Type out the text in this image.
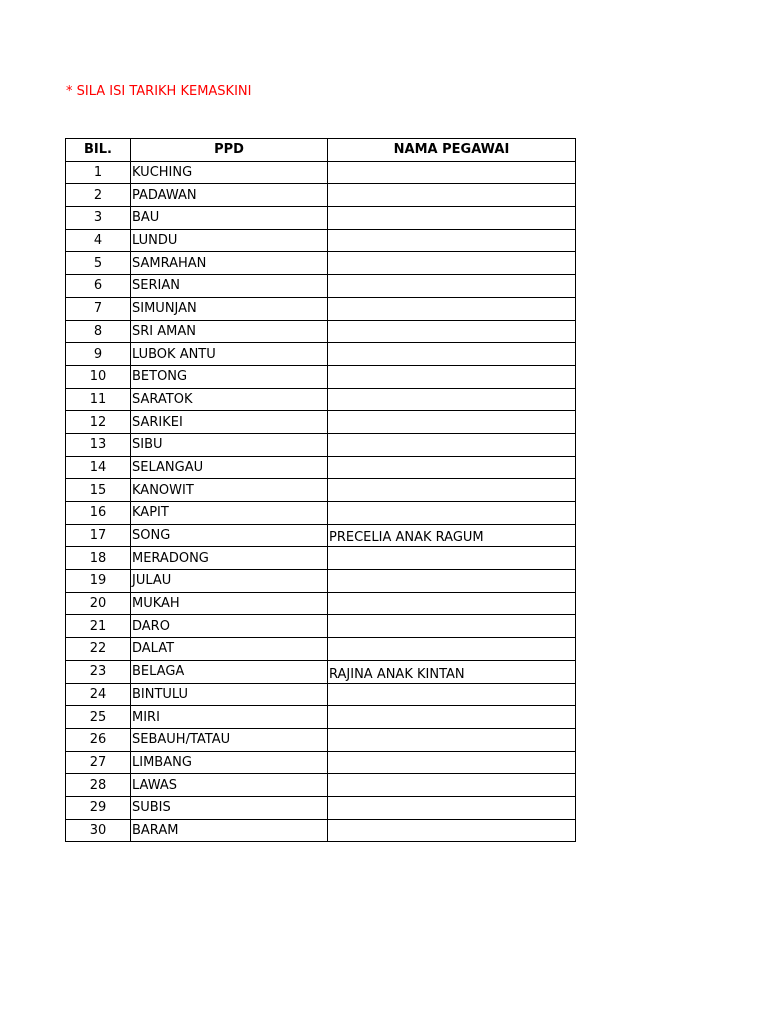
* SILA ISI TARIKH KEMASKINI
BIL.	PPD	NAMA PEGAWAI
1	KUCHING	
2	PADAWAN	
3	BAU	
4	LUNDU	
5	SAMRAHAN	
6	SERIAN	
7	SIMUNJAN	
8	SRI AMAN	
9	LUBOK ANTU	
10	BETONG	
11	SARATOK	
12	SARIKEI	
13	SIBU	
14	SELANGAU	
15	KANOWIT	
16	KAPIT	
17	SONG	PRECELIA ANAK RAGUM
18	MERADONG	
19	JULAU	
20	MUKAH	
21	DARO	
22	DALAT	
23	BELAGA	RAJINA ANAK KINTAN
24	BINTULU	
25	MIRI	
26	SEBAUH/TATAU	
27	LIMBANG	
28	LAWAS	
29	SUBIS	
30	BARAM	
